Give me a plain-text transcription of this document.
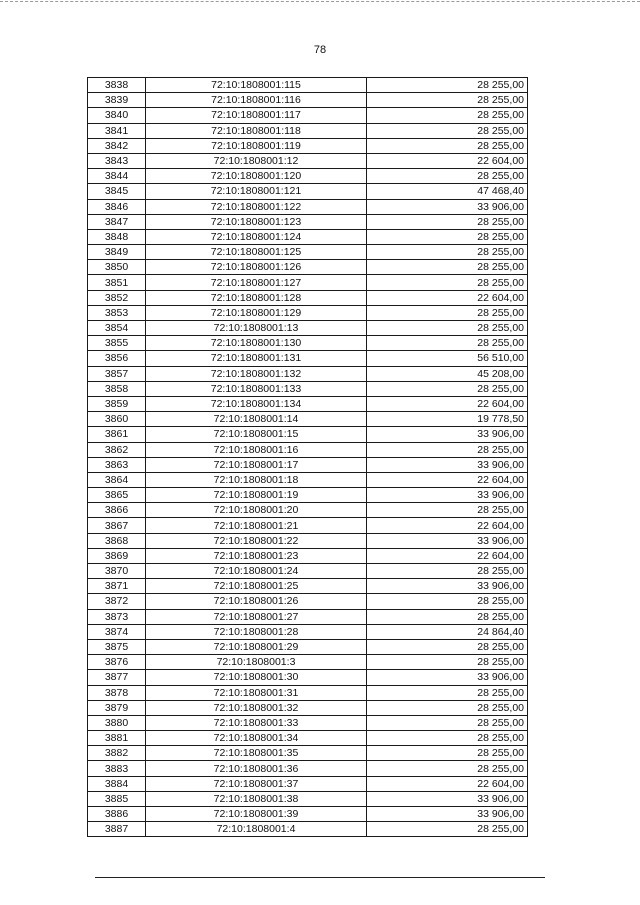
78
3838	72:10:1808001:115	28 255,00
3839	72:10:1808001:116	28 255,00
3840	72:10:1808001:117	28 255,00
3841	72:10:1808001:118	28 255,00
3842	72:10:1808001:119	28 255,00
3843	72:10:1808001:12	22 604,00
3844	72:10:1808001:120	28 255,00
3845	72:10:1808001:121	47 468,40
3846	72:10:1808001:122	33 906,00
3847	72:10:1808001:123	28 255,00
3848	72:10:1808001:124	28 255,00
3849	72:10:1808001:125	28 255,00
3850	72:10:1808001:126	28 255,00
3851	72:10:1808001:127	28 255,00
3852	72:10:1808001:128	22 604,00
3853	72:10:1808001:129	28 255,00
3854	72:10:1808001:13	28 255,00
3855	72:10:1808001:130	28 255,00
3856	72:10:1808001:131	56 510,00
3857	72:10:1808001:132	45 208,00
3858	72:10:1808001:133	28 255,00
3859	72:10:1808001:134	22 604,00
3860	72:10:1808001:14	19 778,50
3861	72:10:1808001:15	33 906,00
3862	72:10:1808001:16	28 255,00
3863	72:10:1808001:17	33 906,00
3864	72:10:1808001:18	22 604,00
3865	72:10:1808001:19	33 906,00
3866	72:10:1808001:20	28 255,00
3867	72:10:1808001:21	22 604,00
3868	72:10:1808001:22	33 906,00
3869	72:10:1808001:23	22 604,00
3870	72:10:1808001:24	28 255,00
3871	72:10:1808001:25	33 906,00
3872	72:10:1808001:26	28 255,00
3873	72:10:1808001:27	28 255,00
3874	72:10:1808001:28	24 864,40
3875	72:10:1808001:29	28 255,00
3876	72:10:1808001:3	28 255,00
3877	72:10:1808001:30	33 906,00
3878	72:10:1808001:31	28 255,00
3879	72:10:1808001:32	28 255,00
3880	72:10:1808001:33	28 255,00
3881	72:10:1808001:34	28 255,00
3882	72:10:1808001:35	28 255,00
3883	72:10:1808001:36	28 255,00
3884	72:10:1808001:37	22 604,00
3885	72:10:1808001:38	33 906,00
3886	72:10:1808001:39	33 906,00
3887	72:10:1808001:4	28 255,00
